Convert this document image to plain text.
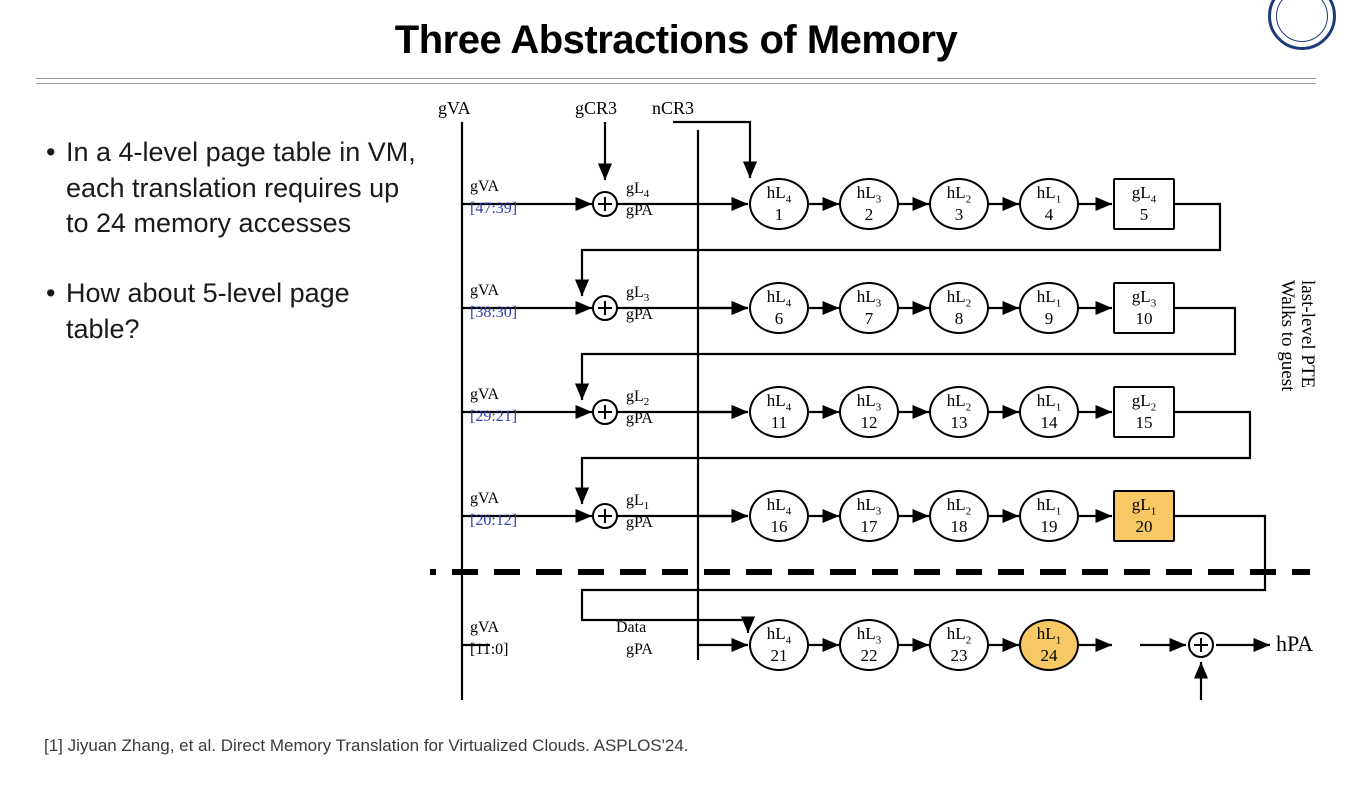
Three Abstractions of Memory
• In a 4-level page table in VM, each translation requires up to 24 memory accesses
• How about 5-level page table?
[1] Jiyuan Zhang, et al. Direct Memory Translation for Virtualized Clouds. ASPLOS'24.
gVA	gCR3 nCR3
gVA
[47:39]
$gL_4$
gPA
$hL_4$
1
$hL_3$
2
$hL_2$
3
$hL_1$
4
$gL_4$
5
gVA
[38:30]
$gL_3$
gPA
$hL_4$
6
$hL_3$
7
$hL_2$
8
$hL_1$
9
$gL_3$
10
gVA
[29:21]
$gL_2$
gPA
$hL_4$
11
$hL_3$
12
$hL_2$
13
$hL_1$
14
$gL_2$
15
gVA
[20:12]
$gL_1$
gPA
$hL_4$
16
$hL_3$
17
$hL_2$
18
$hL_1$
19
$gL_1$
20
gVA
[11:0]
Data
gPA
$hL_4$
21
$hL_3$
22
$hL_2$
23
$hL_1$
24	hPA
Walks to guest last-level PTE
